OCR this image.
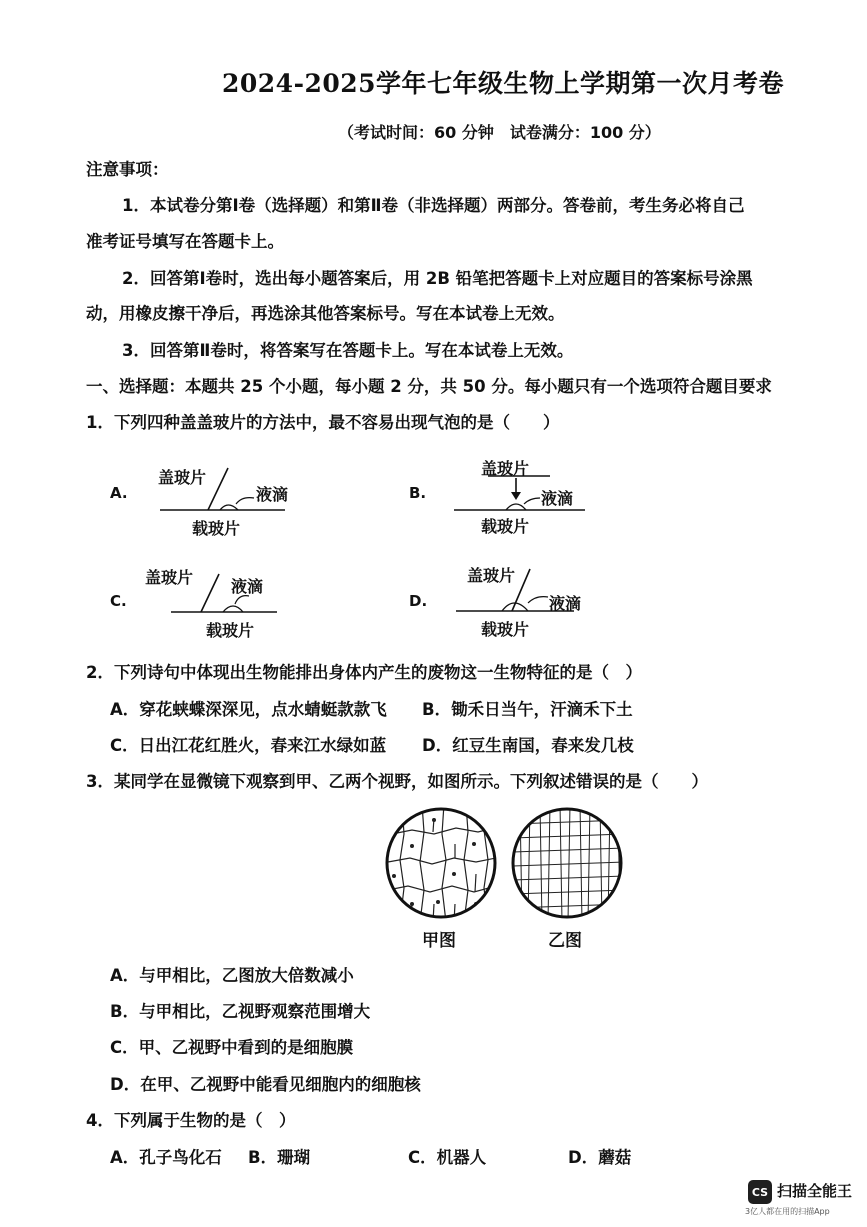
2024-2025学年七年级生物上学期第一次月考卷
（考试时间：60 分钟　试卷满分：100 分）
注意事项：
1．本试卷分第Ⅰ卷（选择题）和第Ⅱ卷（非选择题）两部分。答卷前，考生务必将自己
准考证号填写在答题卡上。
2．回答第Ⅰ卷时，选出每小题答案后，用 2B 铅笔把答题卡上对应题目的答案标号涂黑
动，用橡皮擦干净后，再选涂其他答案标号。写在本试卷上无效。
3．回答第Ⅱ卷时，将答案写在答题卡上。写在本试卷上无效。
一、选择题：本题共 25 个小题，每小题 2 分，共 50 分。每小题只有一个选项符合题目要求
1．下列四种盖盖玻片的方法中，最不容易出现气泡的是（　　）
A.
盖玻片
液滴
载玻片
B.
盖玻片
液滴
载玻片
C.
盖玻片 液滴
载玻片
D.
盖玻片
液滴
载玻片
2．下列诗句中体现出生物能排出身体内产生的废物这一生物特征的是（　）
A．穿花蛱蝶深深见，点水蜻蜓款款飞 B．锄禾日当午，汗滴禾下土
C．日出江花红胜火，春来江水绿如蓝 D．红豆生南国，春来发几枝
3．某同学在显微镜下观察到甲、乙两个视野，如图所示。下列叙述错误的是（　　）
甲图	乙图
A．与甲相比，乙图放大倍数减小
B．与甲相比，乙视野观察范围增大
C．甲、乙视野中看到的是细胞膜
D．在甲、乙视野中能看见细胞内的细胞核
4．下列属于生物的是（　）
A．孔子鸟化石 B．珊瑚	C．机器人	D．蘑菇
CS 扫描全能王
3亿人都在用的扫描App
